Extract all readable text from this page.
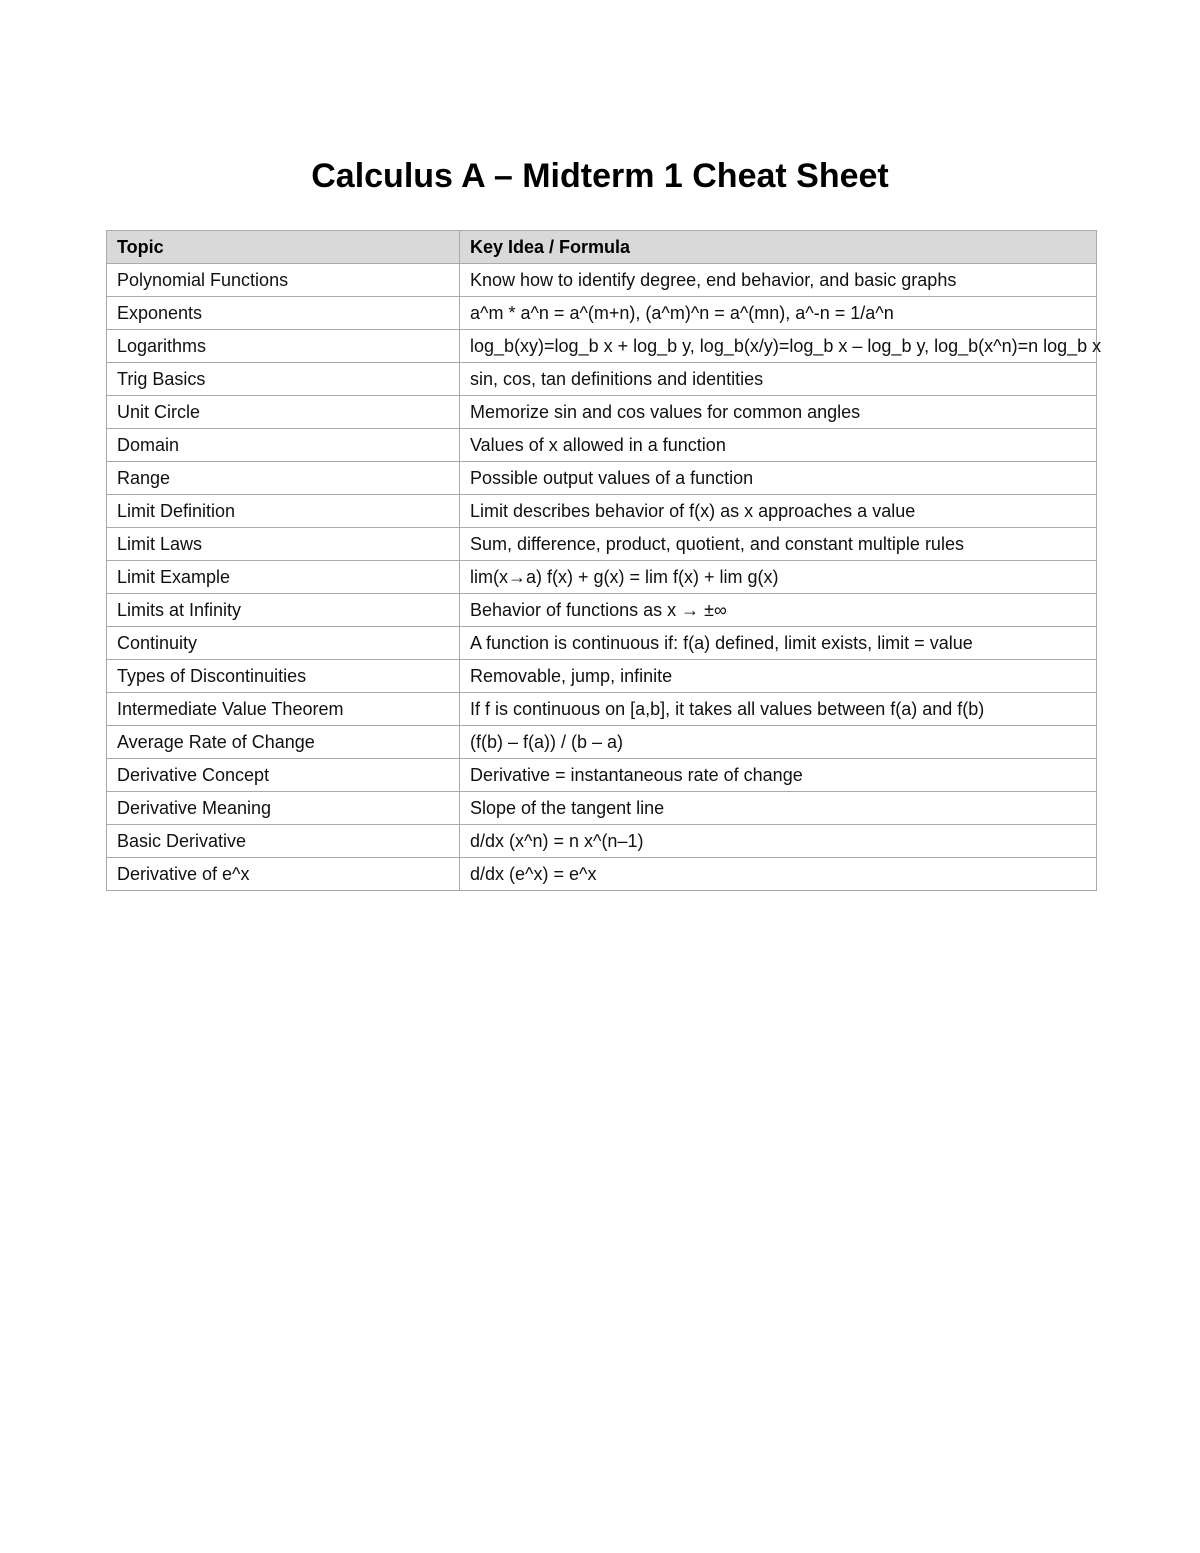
Calculus A – Midterm 1 Cheat Sheet
Topic	Key Idea / Formula
Polynomial Functions	Know how to identify degree, end behavior, and basic graphs
Exponents	a^m * a^n = a^(m+n), (a^m)^n = a^(mn), a^-n = 1/a^n
Logarithms	log_b(xy)=log_b x + log_b y, log_b(x/y)=log_b x – log_b y, log_b(x^n)=n log_b x
Trig Basics	sin, cos, tan definitions and identities
Unit Circle	Memorize sin and cos values for common angles
Domain	Values of x allowed in a function
Range	Possible output values of a function
Limit Definition	Limit describes behavior of f(x) as x approaches a value
Limit Laws	Sum, difference, product, quotient, and constant multiple rules
Limit Example	lim(x→a) f(x) + g(x) = lim f(x) + lim g(x)
Limits at Infinity	Behavior of functions as x → ±∞
Continuity	A function is continuous if: f(a) defined, limit exists, limit = value
Types of Discontinuities	Removable, jump, infinite
Intermediate Value Theorem	If f is continuous on [a,b], it takes all values between f(a) and f(b)
Average Rate of Change	(f(b) – f(a)) / (b – a)
Derivative Concept	Derivative = instantaneous rate of change
Derivative Meaning	Slope of the tangent line
Basic Derivative	d/dx (x^n) = n x^(n–1)
Derivative of e^x	d/dx (e^x) = e^x
